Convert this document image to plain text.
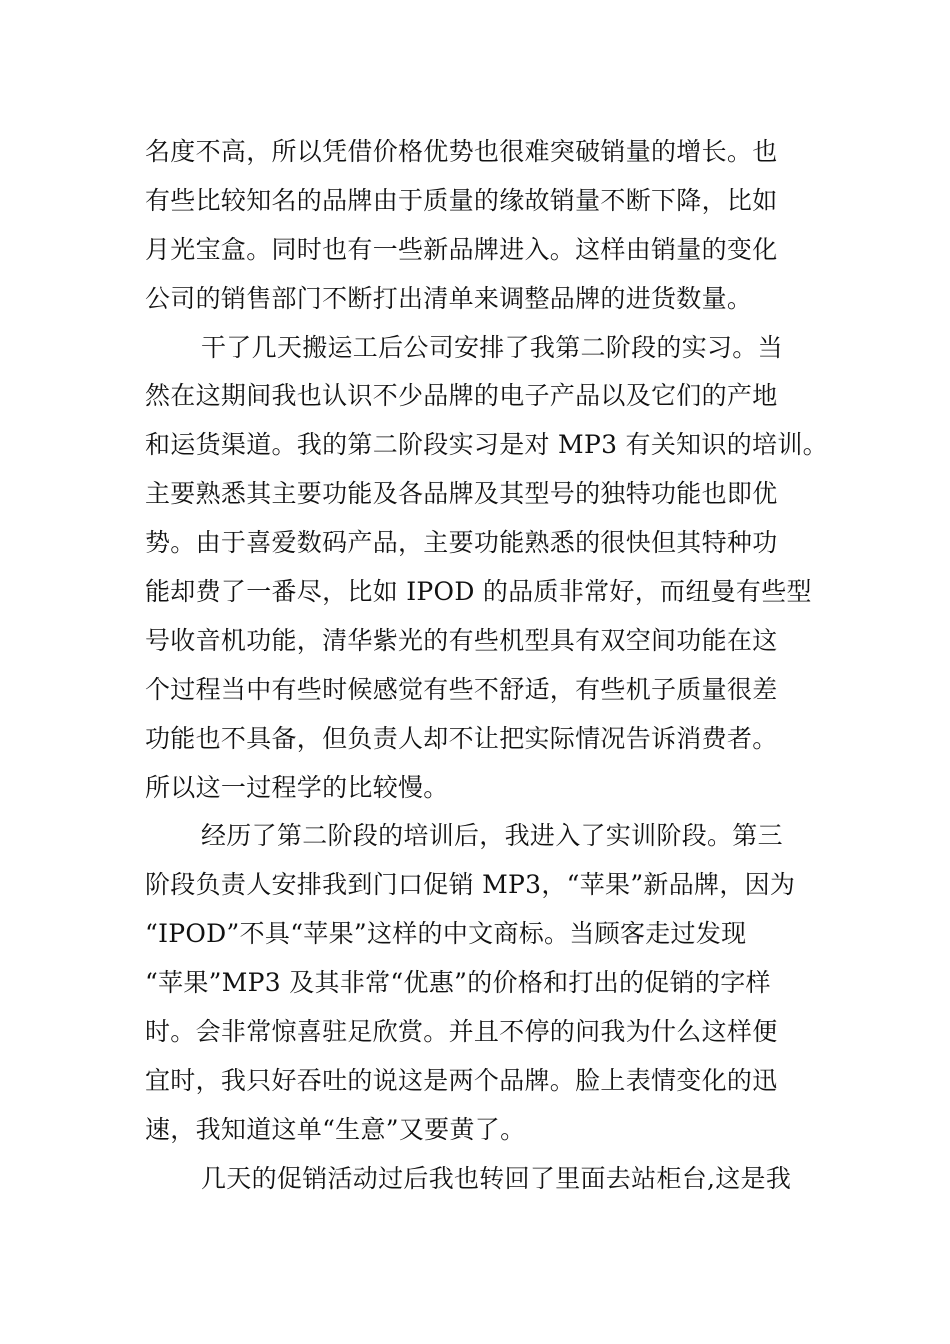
名度不高，所以凭借价格优势也很难突破销量的增长。也
有些比较知名的品牌由于质量的缘故销量不断下降，比如
月光宝盒。同时也有一些新品牌进入。这样由销量的变化
公司的销售部门不断打出清单来调整品牌的进货数量。
干了几天搬运工后公司安排了我第二阶段的实习。当
然在这期间我也认识不少品牌的电子产品以及它们的产地
和运货渠道。我的第二阶段实习是对 MP3 有关知识的培训。
主要熟悉其主要功能及各品牌及其型号的独特功能也即优
势。由于喜爱数码产品，主要功能熟悉的很快但其特种功
能却费了一番尽，比如 IPOD 的品质非常好，而纽曼有些型
号收音机功能，清华紫光的有些机型具有双空间功能在这
个过程当中有些时候感觉有些不舒适，有些机子质量很差
功能也不具备，但负责人却不让把实际情况告诉消费者。
所以这一过程学的比较慢。
经历了第二阶段的培训后，我进入了实训阶段。第三
阶段负责人安排我到门口促销 MP3，“苹果”新品牌，因为
“IPOD”不具“苹果”这样的中文商标。当顾客走过发现
“苹果”MP3 及其非常“优惠”的价格和打出的促销的字样
时。会非常惊喜驻足欣赏。并且不停的问我为什么这样便
宜时，我只好吞吐的说这是两个品牌。脸上表情变化的迅
速，我知道这单“生意”又要黄了。
几天的促销活动过后我也转回了里面去站柜台,这是我
